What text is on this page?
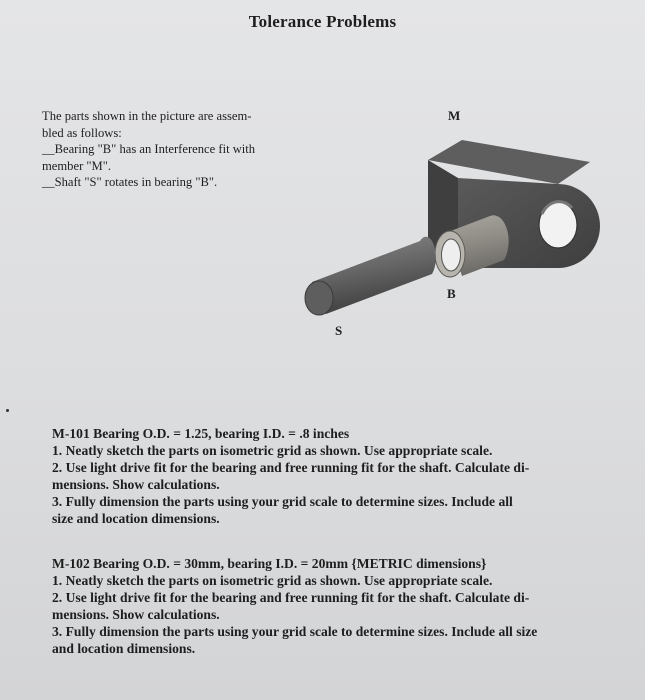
Tolerance Problems
The parts shown in the picture are assem-
bled as follows:
__Bearing "B" has an Interference fit with
member "M".
__Shaft "S" rotates in bearing "B".
M
B
S
M-101 Bearing O.D. = 1.25, bearing I.D. = .8 inches
1. Neatly sketch the parts on isometric grid as shown. Use appropriate scale.
2. Use light drive fit for the bearing and free running fit for the shaft. Calculate di-
mensions. Show calculations.
3. Fully dimension the parts using your grid scale to determine sizes. Include all
size and location dimensions.
M-102 Bearing O.D. = 30mm, bearing I.D. = 20mm {METRIC dimensions}
1. Neatly sketch the parts on isometric grid as shown. Use appropriate scale.
2. Use light drive fit for the bearing and free running fit for the shaft. Calculate di-
mensions. Show calculations.
3. Fully dimension the parts using your grid scale to determine sizes. Include all size
and location dimensions.
